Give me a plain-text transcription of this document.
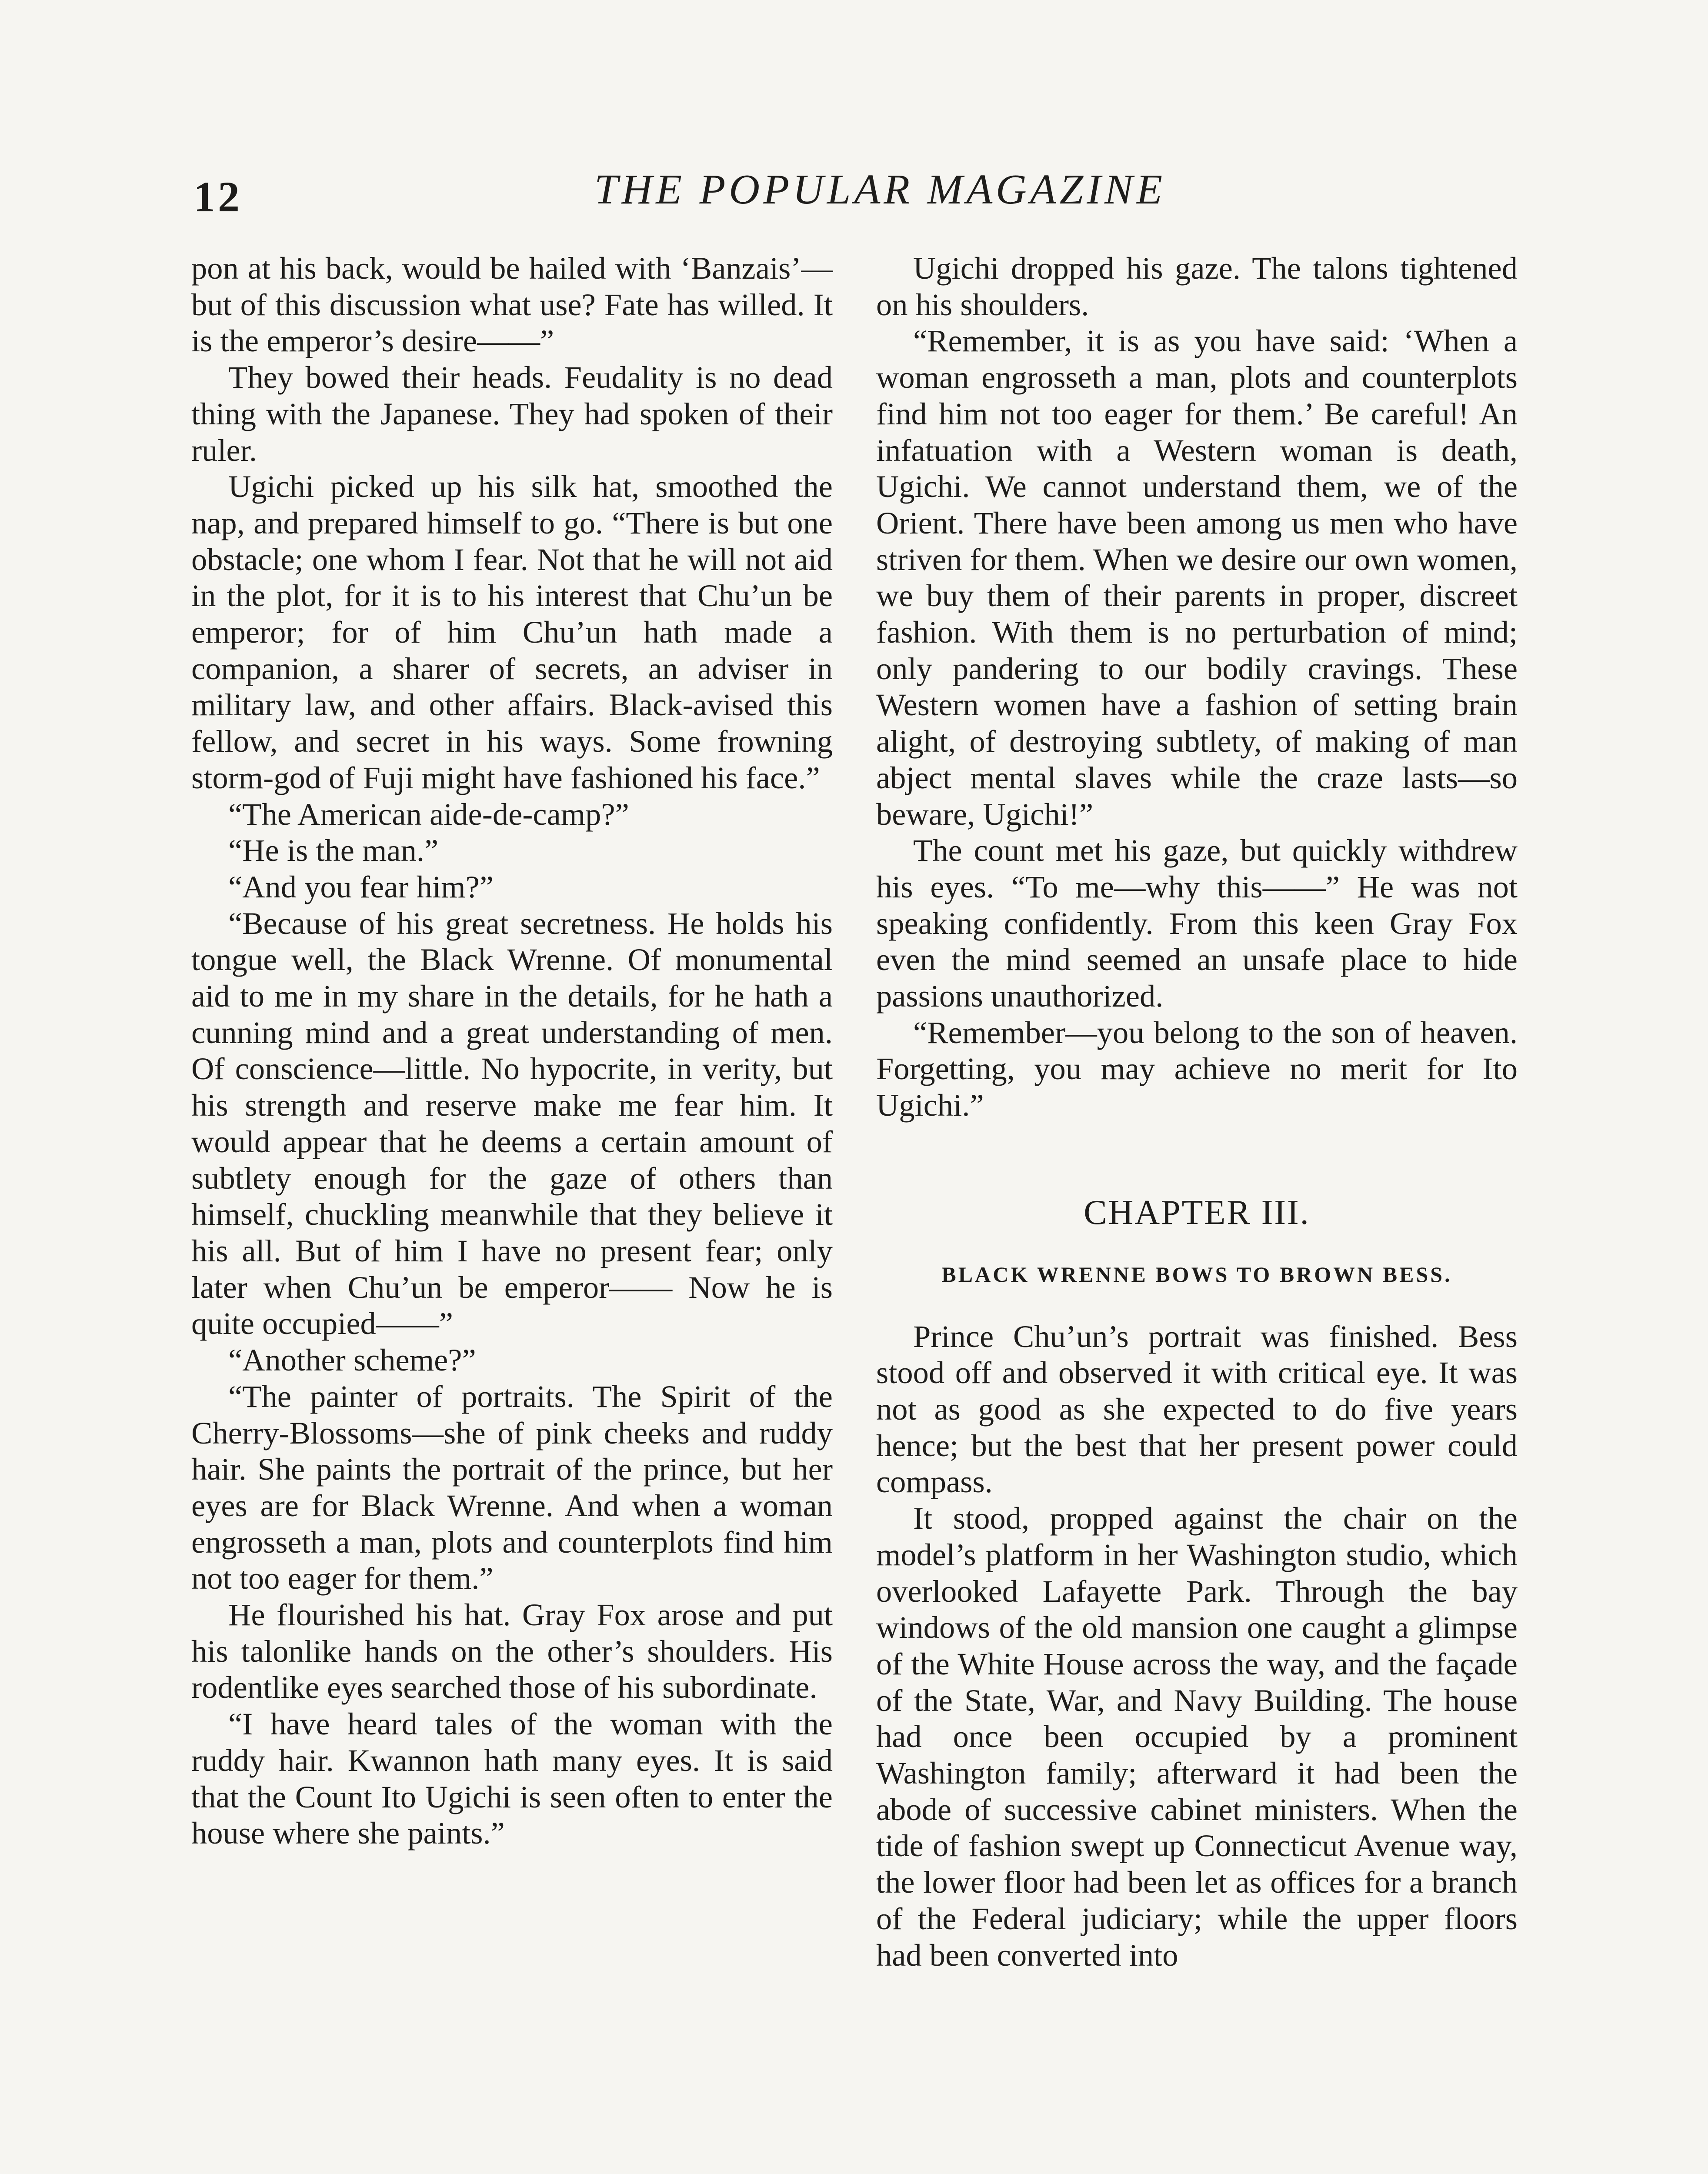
12	THE POPULAR MAGAZINE

pon at his back, would be hailed with ‘Banzais’—but of this discussion what use? Fate has willed. It is the emperor’s desire——”

They bowed their heads. Feudality is no dead thing with the Japanese. They had spoken of their ruler.

Ugichi picked up his silk hat, smoothed the nap, and prepared himself to go. “There is but one obstacle; one whom I fear. Not that he will not aid in the plot, for it is to his interest that Chu’un be emperor; for of him Chu’un hath made a companion, a sharer of secrets, an adviser in military law, and other affairs. Black-avised this fellow, and secret in his ways. Some frowning storm-god of Fuji might have fashioned his face.”

“The American aide-de-camp?”

“He is the man.”

“And you fear him?”

“Because of his great secretness. He holds his tongue well, the Black Wrenne. Of monumental aid to me in my share in the details, for he hath a cunning mind and a great understanding of men. Of conscience—little. No hypocrite, in verity, but his strength and reserve make me fear him. It would appear that he deems a certain amount of subtlety enough for the gaze of others than himself, chuckling meanwhile that they believe it his all. But of him I have no present fear; only later when Chu’un be emperor—— Now he is quite occupied——”

“Another scheme?”

“The painter of portraits. The Spirit of the Cherry-Blossoms—she of pink cheeks and ruddy hair. She paints the portrait of the prince, but her eyes are for Black Wrenne. And when a woman engrosseth a man, plots and counterplots find him not too eager for them.”

He flourished his hat. Gray Fox arose and put his talonlike hands on the other’s shoulders. His rodentlike eyes searched those of his subordinate.

“I have heard tales of the woman with the ruddy hair. Kwannon hath many eyes. It is said that the Count Ito Ugichi is seen often to enter the house where she paints.”

Ugichi dropped his gaze. The talons tightened on his shoulders.

“Remember, it is as you have said: ‘When a woman engrosseth a man, plots and counterplots find him not too eager for them.’ Be careful! An infatuation with a Western woman is death, Ugichi. We cannot understand them, we of the Orient. There have been among us men who have striven for them. When we desire our own women, we buy them of their parents in proper, discreet fashion. With them is no perturbation of mind; only pandering to our bodily cravings. These Western women have a fashion of setting brain alight, of destroying subtlety, of making of man abject mental slaves while the craze lasts—so beware, Ugichi!”

The count met his gaze, but quickly withdrew his eyes. “To me—why this——” He was not speaking confidently. From this keen Gray Fox even the mind seemed an unsafe place to hide passions unauthorized.

“Remember—you belong to the son of heaven. Forgetting, you may achieve no merit for Ito Ugichi.”

CHAPTER III.
BLACK WRENNE BOWS TO BROWN BESS.

Prince Chu’un’s portrait was finished. Bess stood off and observed it with critical eye. It was not as good as she expected to do five years hence; but the best that her present power could compass.

It stood, propped against the chair on the model’s platform in her Washington studio, which overlooked Lafayette Park. Through the bay windows of the old mansion one caught a glimpse of the White House across the way, and the façade of the State, War, and Navy Building. The house had once been occupied by a prominent Washington family; afterward it had been the abode of successive cabinet ministers. When the tide of fashion swept up Connecticut Avenue way, the lower floor had been let as offices for a branch of the Federal judiciary; while the upper floors had been converted into
